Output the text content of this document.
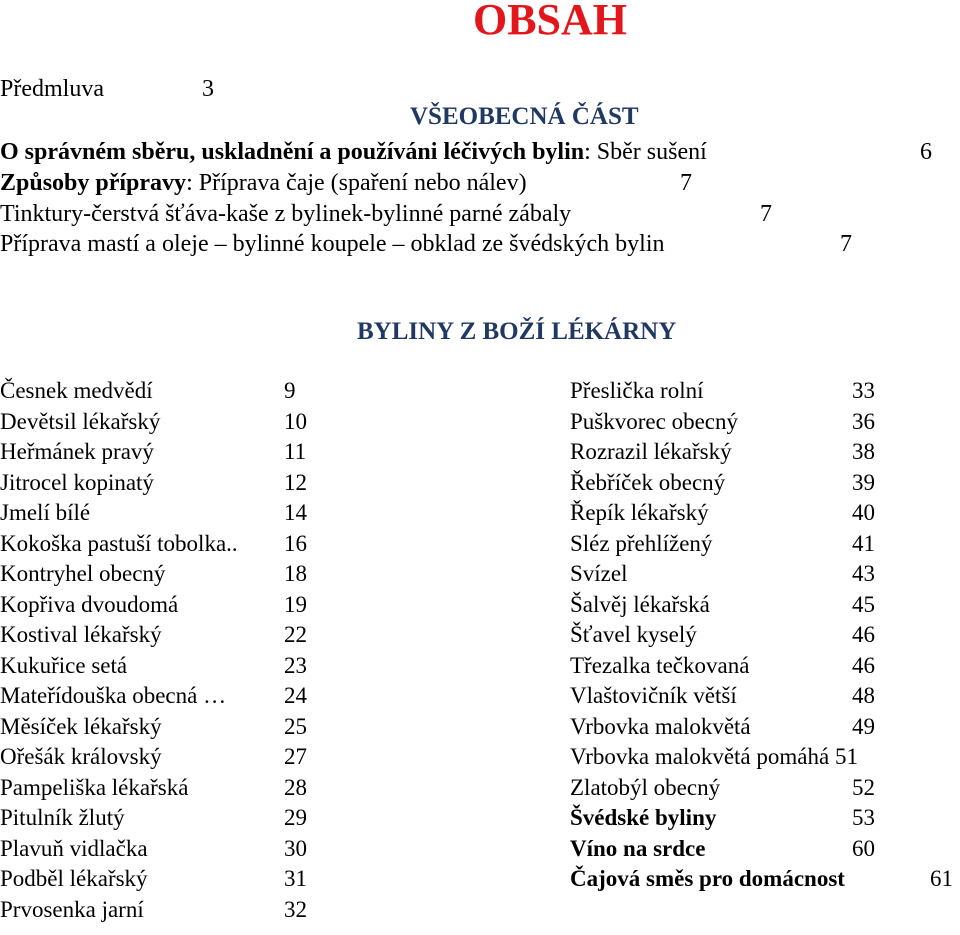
OBSAH
Předmluva	3
VŠEOBECNÁ ČÁST
O správném sběru, uskladnění a používáni léčivých bylin: Sběr sušení	6
Způsoby přípravy: Příprava čaje (spaření nebo nálev)	7
Tinktury-čerstvá šťáva-kaše z bylinek-bylinné parné zábaly	7
Příprava mastí a oleje – bylinné koupele – obklad ze švédských bylin	7
BYLINY Z BOŽÍ LÉKÁRNY
Česnek medvědí	9
Devětsil lékařský	10
Heřmánek pravý	11
Jitrocel kopinatý	12
Jmelí bílé	14
Kokoška pastuší tobolka.. 16
Kontryhel obecný	18
Kopřiva dvoudomá	19
Kostival lékařský	22
Kukuřice setá	23
Mateřídouška obecná …	24
Měsíček lékařský	25
Ořešák královský	27
Pampeliška lékařská	28
Pitulník žlutý	29
Plavuň vidlačka	30
Podběl lékařský	31
Prvosenka jarní	32
Přeslička rolní	33
Puškvorec obecný	36
Rozrazil lékařský	38
Řebříček obecný	39
Řepík lékařský	40
Sléz přehlížený	41
Svízel	43
Šalvěj lékařská	45
Šťavel kyselý	46
Třezalka tečkovaná	46
Vlaštovičník větší	48
Vrbovka malokvětá	49
Vrbovka malokvětá pomáhá 51
Zlatobýl obecný	52
Švédské byliny	53
Víno na srdce	60
Čajová směs pro domácnost	61
